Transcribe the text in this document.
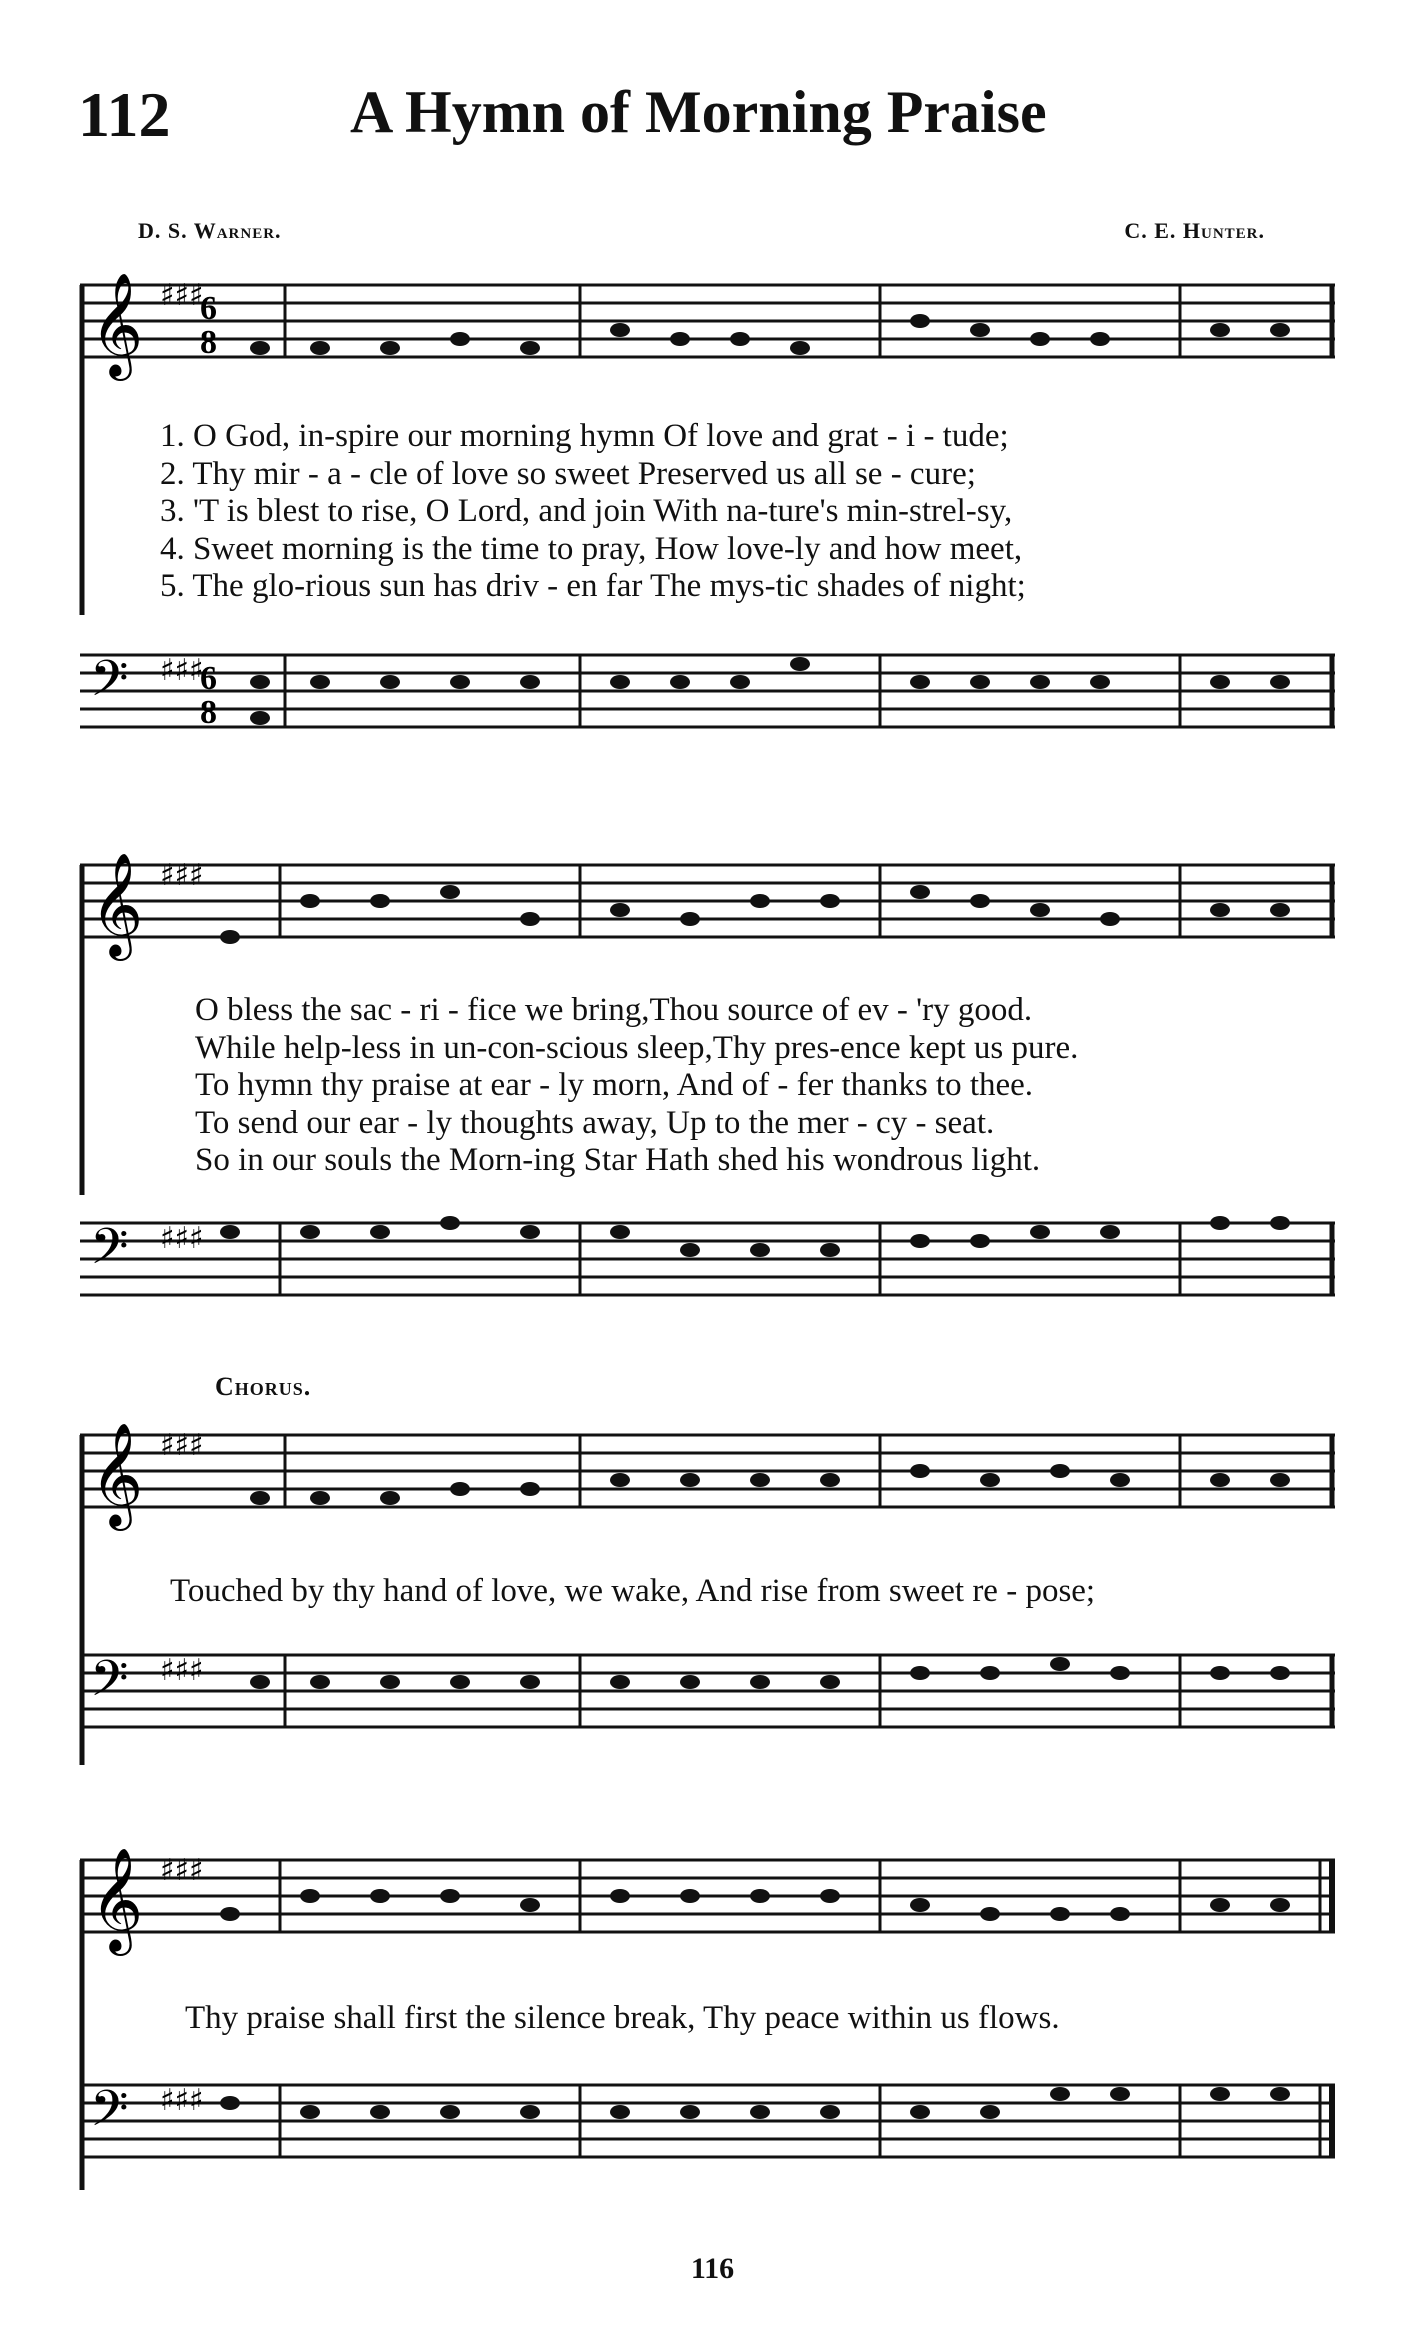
112	A Hymn of Morning Praise
D. S. Warner.	C. E. Hunter.
𝄞 ♯♯♯
6
8
1. O God, in-spire our morning hymn Of love and grat - i - tude;
2. Thy mir - a - cle of love so sweet Preserved us all se - cure;
3. 'T is blest to rise, O Lord, and join With na-ture's min-strel-sy,
4. Sweet morning is the time to pray, How love-ly and how meet,
5. The glo-rious sun has driv - en far The mys-tic shades of night;
𝄢 ♯♯♯
6
8
𝄞 ♯♯♯
O bless the sac - ri - fice we bring,Thou source of ev - 'ry good.
While help-less in un-con-scious sleep,Thy pres-ence kept us pure.
To hymn thy praise at ear - ly morn, And of - fer thanks to thee.
To send our ear - ly thoughts away, Up to the mer - cy - seat.
So in our souls the Morn-ing Star Hath shed his wondrous light.
𝄢 ♯♯♯
Chorus.
𝄞 ♯♯♯
Touched by thy hand of love, we wake, And rise from sweet re - pose;
𝄢 ♯♯♯
𝄞 ♯♯♯
Thy praise shall first the silence break, Thy peace within us flows.
𝄢 ♯♯♯
116
